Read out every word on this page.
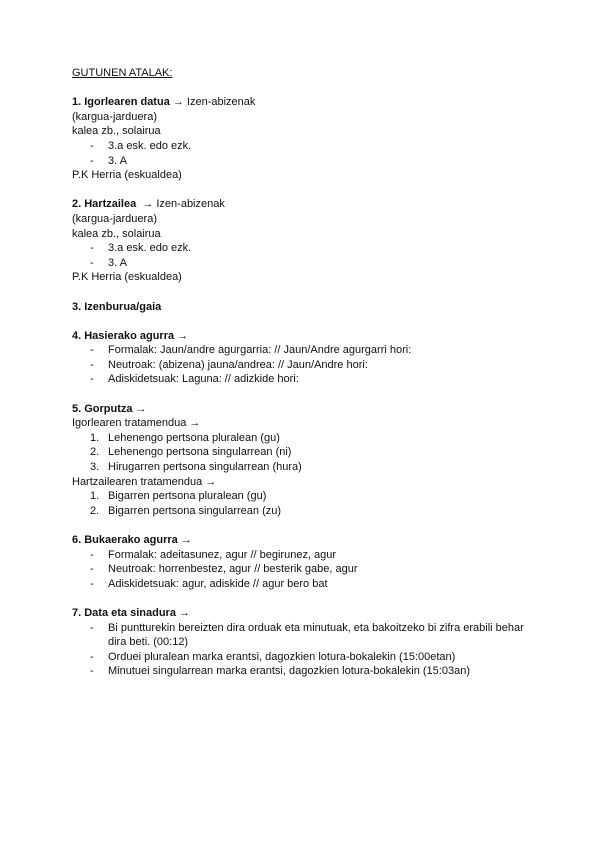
GUTUNEN ATALAK:
1. Igorlearen datua → Izen-abizenak
(kargua-jarduera)
kalea zb., solairua
- 3.a esk. edo ezk.
- 3. A
P.K Herria (eskualdea)
2. Hartzailea  → Izen-abizenak
(kargua-jarduera)
kalea zb., solairua
- 3.a esk. edo ezk.
- 3. A
P.K Herria (eskualdea)
3. Izenburua/gaia
4. Hasierako agurra →
- Formalak: Jaun/andre agurgarria: // Jaun/Andre agurgarri hori:
- Neutroak: (abizena) jauna/andrea: // Jaun/Andre hori:
- Adiskidetsuak: Laguna: // adizkide hori:
5. Gorputza →
Igorlearen tratamendua →
1. Lehenengo pertsona pluralean (gu)
2. Lehenengo pertsona singularrean (ni)
3. Hirugarren pertsona singularrean (hura)
Hartzailearen tratamendua →
1. Bigarren pertsona pluralean (gu)
2. Bigarren pertsona singularrean (zu)
6. Bukaerako agurra →
- Formalak: adeitasunez, agur // begirunez, agur
- Neutroak: horrenbestez, agur // besterik gabe, agur
- Adiskidetsuak: agur, adiskide // agur bero bat
7. Data eta sinadura →
- Bi puntturekin bereizten dira orduak eta minutuak, eta bakoitzeko bi zifra erabili behar dira beti. (00:12)
- Orduei pluralean marka erantsi, dagozkien lotura-bokalekin (15:00etan)
- Minutuei singularrean marka erantsi, dagozkien lotura-bokalekin (15:03an)
